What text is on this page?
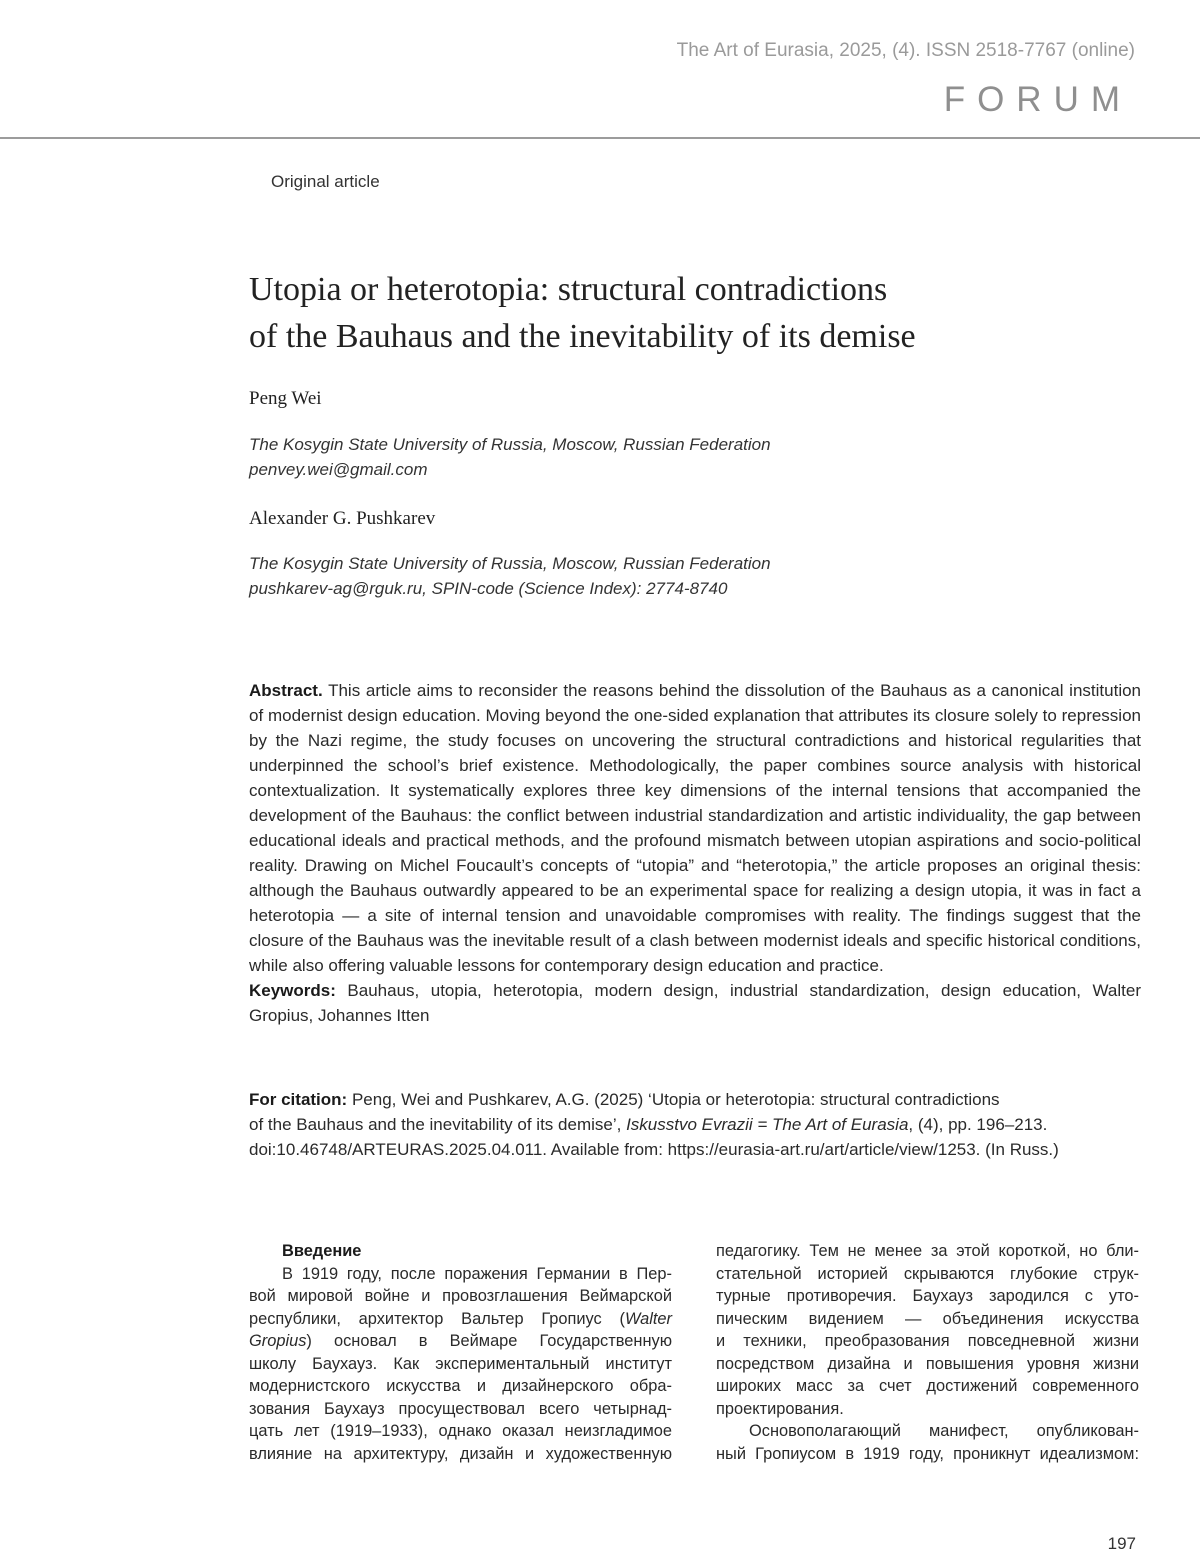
The Art of Eurasia, 2025, (4). ISSN 2518-7767 (online)
FORUM
Original article
Utopia or heterotopia: structural contradictions
of the Bauhaus and the inevitability of its demise
Peng Wei
The Kosygin State University of Russia, Moscow, Russian Federation
penvey.wei@gmail.com
Alexander G. Pushkarev
The Kosygin State University of Russia, Moscow, Russian Federation
pushkarev-ag@rguk.ru, SPIN-code (Science Index): 2774-8740

Abstract. This article aims to reconsider the reasons behind the dissolution of the Bauhaus as a canonical institution of modernist design education. Moving beyond the one-sided explanation that attributes its closure solely to repression by the Nazi regime, the study focuses on uncovering the structural contradictions and historical regularities that underpinned the school’s brief existence. Methodologically, the paper combines source analysis with historical contextualization. It systematically explores three key dimensions of the internal tensions that accompanied the development of the Bauhaus: the conflict between industrial standardization and artistic individuality, the gap between educational ideals and practical methods, and the profound mismatch between utopian aspirations and socio-political reality. Drawing on Michel Foucault’s concepts of “utopia” and “heterotopia,” the article proposes an original thesis: although the Bauhaus outwardly appeared to be an experimental space for realizing a design utopia, it was in fact a heterotopia — a site of internal tension and unavoidable compromises with reality. The findings suggest that the closure of the Bauhaus was the inevitable result of a clash between modernist ideals and specific historical conditions, while also offering valuable lessons for contemporary design education and practice.

Keywords: Bauhaus, utopia, heterotopia, modern design, industrial standardization, design education, Walter Gropius, Johannes Itten

For citation: Peng, Wei and Pushkarev, A.G. (2025) ‘Utopia or heterotopia: structural contradictions
of the Bauhaus and the inevitability of its demise’, Iskusstvo Evrazii = The Art of Eurasia, (4), pp. 196–213.
doi:10.46748/ARTEURAS.2025.04.011. Available from: https://eurasia-art.ru/art/article/view/1253. (In Russ.)
Введение
В 1919 году, после поражения Германии в Пер-
вой мировой войне и провозглашения Веймарской
республики, архитектор Вальтер Гропиус (Walter
Gropius) основал в Веймаре Государственную
школу Баухауз. Как экспериментальный институт
модернистского искусства и дизайнерского обра-
зования Баухауз просуществовал всего четырнад-
цать лет (1919–1933), однако оказал неизгладимое
влияние на архитектуру, дизайн и художественную
педагогику. Тем не менее за этой короткой, но бли-
стательной историей скрываются глубокие струк-
турные противоречия. Баухауз зародился с уто-
пическим видением — объединения искусства
и техники, преобразования повседневной жизни
посредством дизайна и повышения уровня жизни
широких масс за счет достижений современного
проектирования.
Основополагающий манифест, опубликован-
ный Гропиусом в 1919 году, проникнут идеализмом:
197
